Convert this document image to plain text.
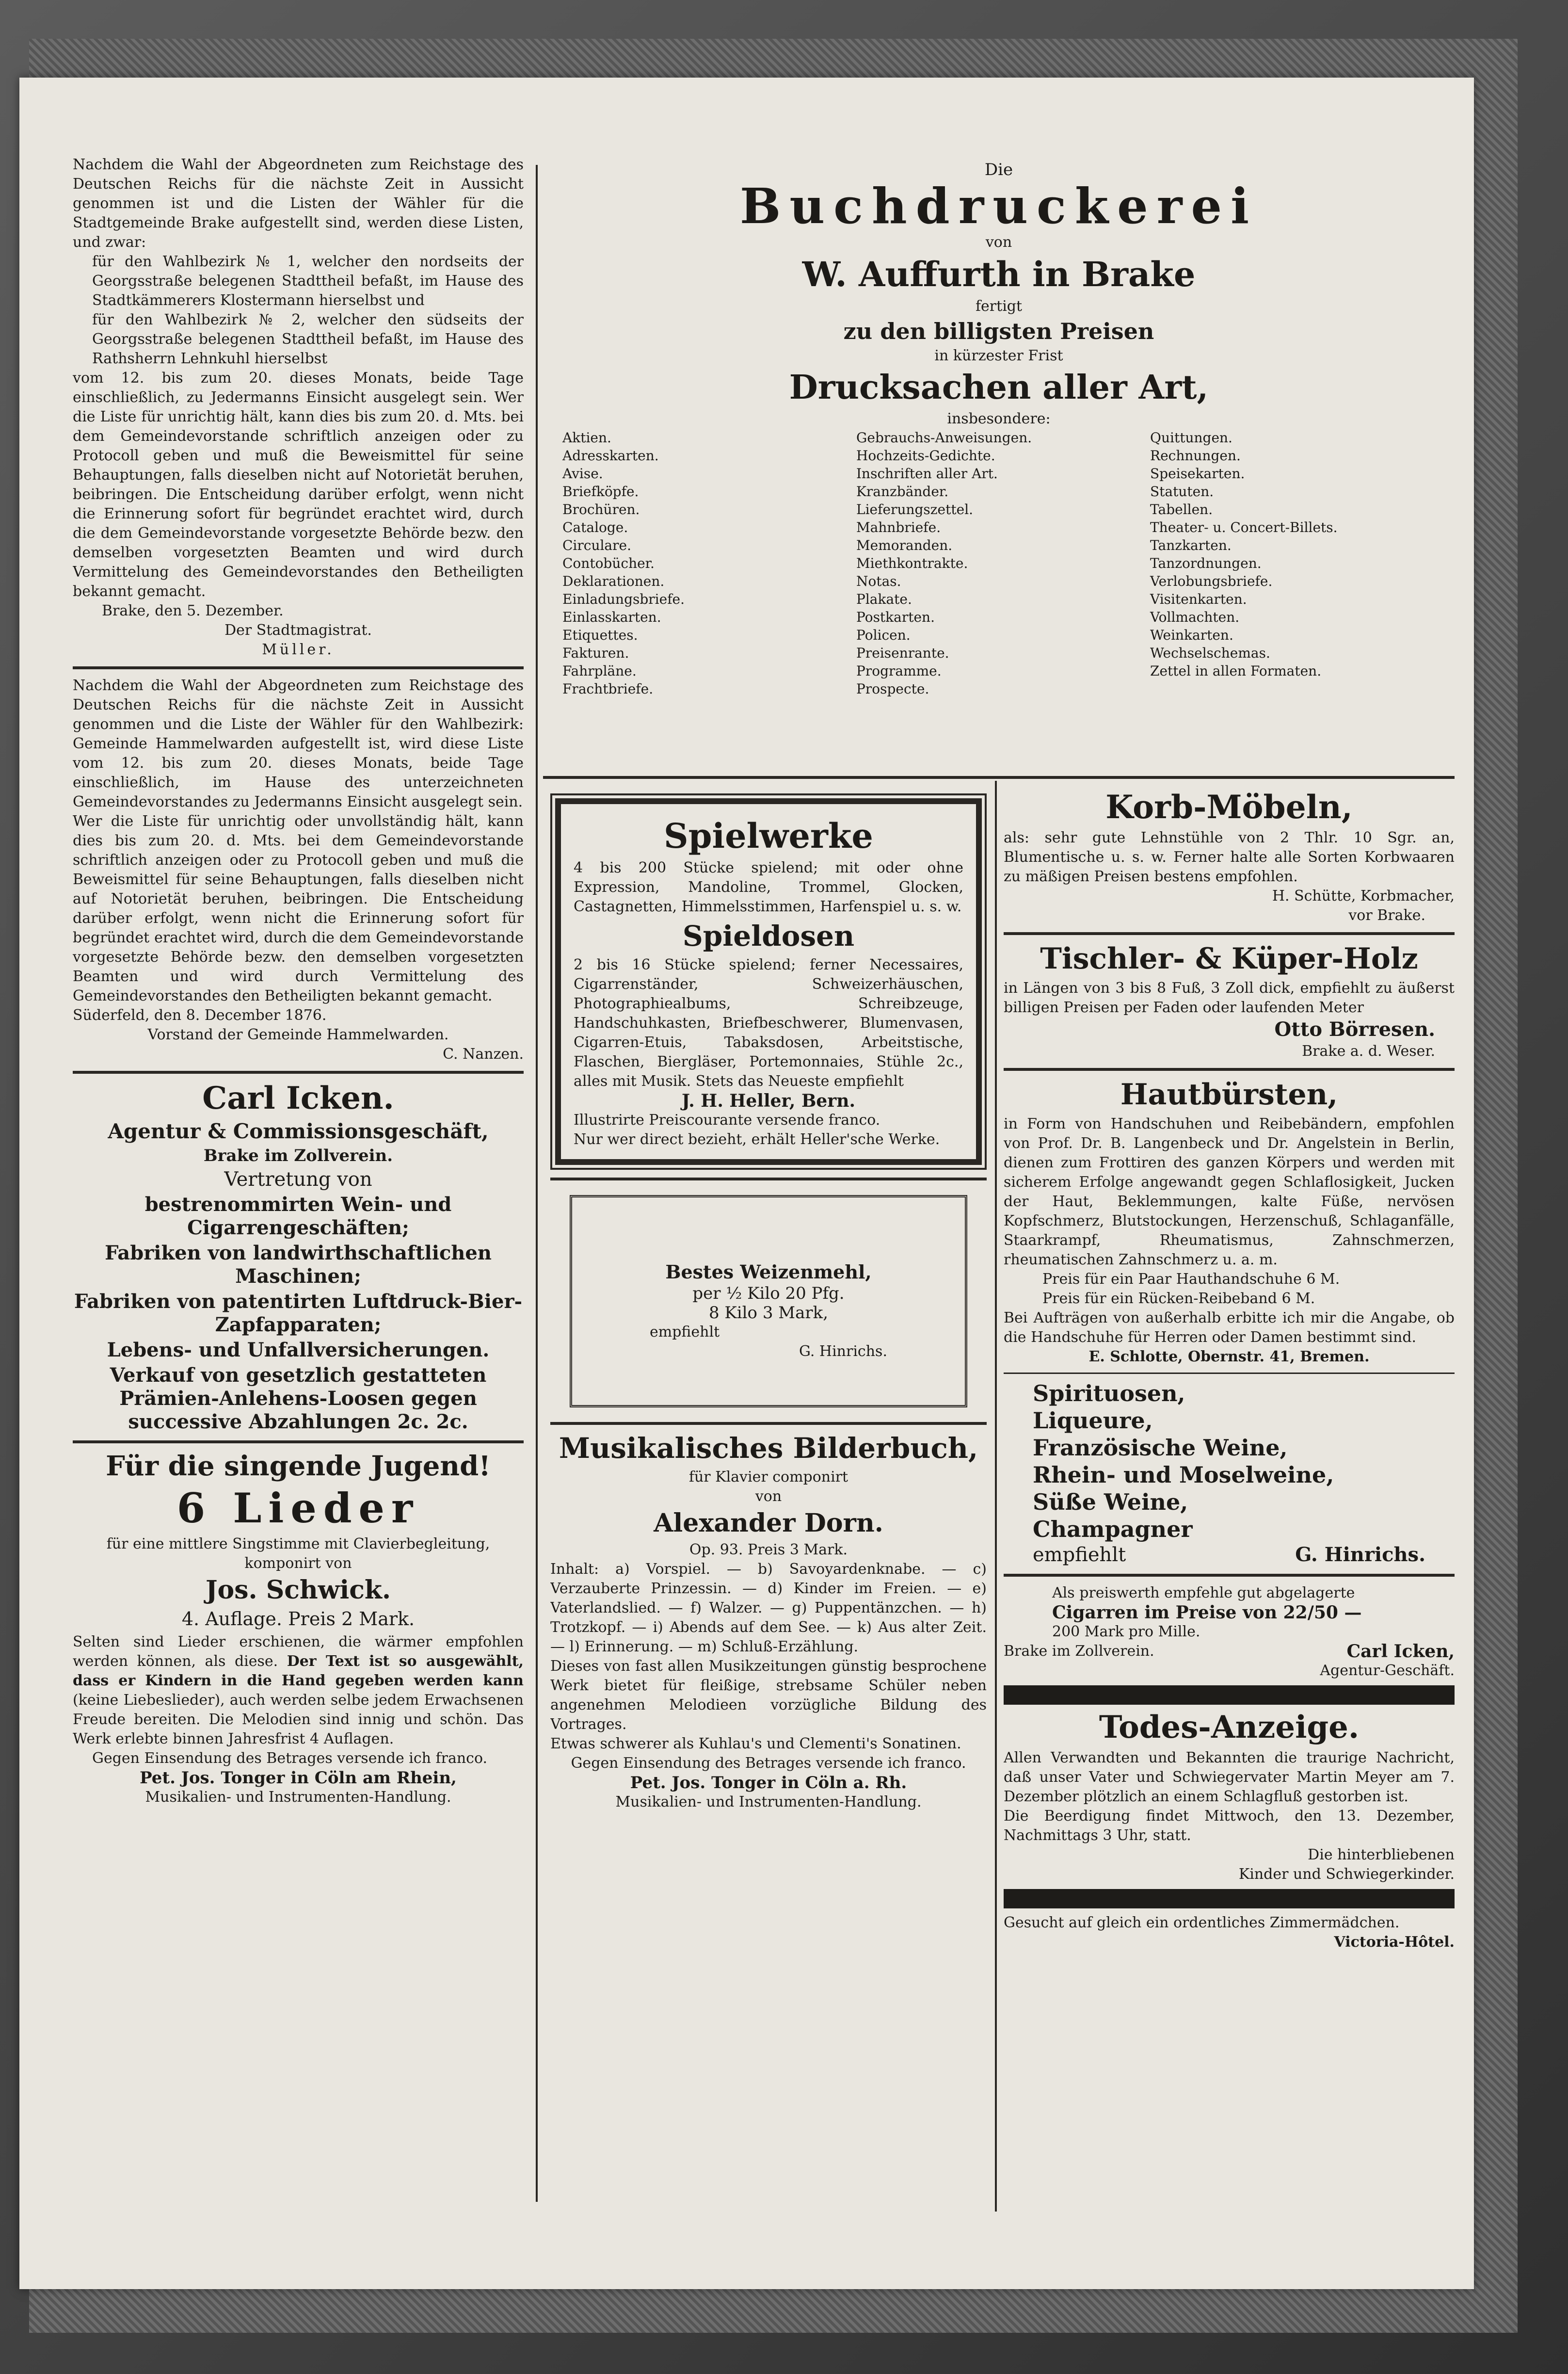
Nachdem die Wahl der Abgeordneten zum Reichstage des Deutschen Reichs für die nächste Zeit in Aussicht genommen ist und die Listen der Wähler für die Stadtgemeinde Brake aufgestellt sind, werden diese Listen, und zwar:

für den Wahlbezirk № 1, welcher den nordseits der Georgsstraße belegenen Stadttheil befaßt, im Hause des Stadtkämmerers Klostermann hierselbst und

für den Wahlbezirk № 2, welcher den südseits der Georgsstraße belegenen Stadttheil befaßt, im Hause des Rathsherrn Lehnkuhl hierselbst

vom 12. bis zum 20. dieses Monats, beide Tage einschließlich, zu Jedermanns Einsicht ausgelegt sein. Wer die Liste für unrichtig hält, kann dies bis zum 20. d. Mts. bei dem Gemeindevorstande schriftlich anzeigen oder zu Protocoll geben und muß die Beweismittel für seine Behauptungen, falls dieselben nicht auf Notorietät beruhen, beibringen. Die Entscheidung darüber erfolgt, wenn nicht die Erinnerung sofort für begründet erachtet wird, durch die dem Gemeindevorstande vorgesetzte Behörde bezw. den demselben vorgesetzten Beamten und wird durch Vermittelung des Gemeindevorstandes den Betheiligten bekannt gemacht.

Brake, den 5. Dezember.

Der Stadtmagistrat.

Müller.

Nachdem die Wahl der Abgeordneten zum Reichstage des Deutschen Reichs für die nächste Zeit in Aussicht genommen und die Liste der Wähler für den Wahlbezirk: Gemeinde Hammelwarden aufgestellt ist, wird diese Liste vom 12. bis zum 20. dieses Monats, beide Tage einschließlich, im Hause des unterzeichneten Gemeindevorstandes zu Jedermanns Einsicht ausgelegt sein.

Wer die Liste für unrichtig oder unvollständig hält, kann dies bis zum 20. d. Mts. bei dem Gemeindevorstande schriftlich anzeigen oder zu Protocoll geben und muß die Beweismittel für seine Behauptungen, falls dieselben nicht auf Notorietät beruhen, beibringen. Die Entscheidung darüber erfolgt, wenn nicht die Erinnerung sofort für begründet erachtet wird, durch die dem Gemeindevorstande vorgesetzte Behörde bezw. den demselben vorgesetzten Beamten und wird durch Vermittelung des Gemeindevorstandes den Betheiligten bekannt gemacht.

Süderfeld, den 8. December 1876.

Vorstand der Gemeinde Hammelwarden.

C. Nanzen.

Carl Icken.
Agentur & Commissionsgeschäft,
Brake im Zollverein.
Vertretung von
bestrenommirten Wein- und Cigarrengeschäften;
Fabriken von landwirthschaftlichen Maschinen;
Fabriken von patentirten Luftdruck-Bier-Zapfapparaten;
Lebens- und Unfallversicherungen.
Verkauf von gesetzlich gestatteten Prämien-Anlehens-Loosen gegen successive Abzahlungen 2c. 2c.
Für die singende Jugend!
6 Lieder

für eine mittlere Singstimme mit Clavierbegleitung, komponirt von

Jos. Schwick.
4. Auflage. Preis 2 Mark.

Selten sind Lieder erschienen, die wärmer empfohlen werden können, als diese. Der Text ist so ausgewählt, dass er Kindern in die Hand gegeben werden kann (keine Liebeslieder), auch werden selbe jedem Erwachsenen Freude bereiten. Die Melodien sind innig und schön. Das Werk erlebte binnen Jahresfrist 4 Auflagen.

Gegen Einsendung des Betrages versende ich franco.

Pet. Jos. Tonger in Cöln am Rhein,

Musikalien- und Instrumenten-Handlung.

Die

Buchdruckerei

von

W. Auffurth in Brake

fertigt

zu den billigsten Preisen

in kürzester Frist

Drucksachen aller Art,

insbesondere:

Aktien.

Adresskarten.

Avise.

Briefköpfe.

Brochüren.

Cataloge.

Circulare.

Contobücher.

Deklarationen.

Einladungsbriefe.

Einlasskarten.

Etiquettes.

Fakturen.

Fahrpläne.

Frachtbriefe.

Gebrauchs-Anweisungen.

Hochzeits-Gedichte.

Inschriften aller Art.

Kranzbänder.

Lieferungszettel.

Mahnbriefe.

Memoranden.

Miethkontrakte.

Notas.

Plakate.

Postkarten.

Policen.

Preisenrante.

Programme.

Prospecte.

Quittungen.

Rechnungen.

Speisekarten.

Statuten.

Tabellen.

Theater- u. Concert-Billets.

Tanzkarten.

Tanzordnungen.

Verlobungsbriefe.

Visitenkarten.

Vollmachten.

Weinkarten.

Wechselschemas.

Zettel in allen Formaten.

Spielwerke

4 bis 200 Stücke spielend; mit oder ohne Expression, Mandoline, Trommel, Glocken, Castagnetten, Himmelsstimmen, Harfenspiel u. s. w.

Spieldosen

2 bis 16 Stücke spielend; ferner Necessaires, Cigarrenständer, Schweizerhäuschen, Photographiealbums, Schreibzeuge, Handschuhkasten, Briefbeschwerer, Blumenvasen, Cigarren-Etuis, Tabaksdosen, Arbeitstische, Flaschen, Biergläser, Portemonnaies, Stühle 2c., alles mit Musik. Stets das Neueste empfiehlt

J. H. Heller, Bern.

Illustrirte Preiscourante versende franco.

Nur wer direct bezieht, erhält Heller'sche Werke.

Bestes Weizenmehl,

per ½ Kilo 20 Pfg.

8 Kilo 3 Mark,

empfiehlt

G. Hinrichs.

Musikalisches Bilderbuch,

für Klavier componirt

von

Alexander Dorn.

Op. 93. Preis 3 Mark.

Inhalt: a) Vorspiel. — b) Savoyardenknabe. — c) Verzauberte Prinzessin. — d) Kinder im Freien. — e) Vaterlandslied. — f) Walzer. — g) Puppentänzchen. — h) Trotzkopf. — i) Abends auf dem See. — k) Aus alter Zeit. — l) Erinnerung. — m) Schluß-Erzählung.

Dieses von fast allen Musikzeitungen günstig besprochene Werk bietet für fleißige, strebsame Schüler neben angenehmen Melodieen vorzügliche Bildung des Vortrages.

Etwas schwerer als Kuhlau's und Clementi's Sonatinen.

Gegen Einsendung des Betrages versende ich franco.

Pet. Jos. Tonger in Cöln a. Rh.

Musikalien- und Instrumenten-Handlung.

Korb-Möbeln,

als: sehr gute Lehnstühle von 2 Thlr. 10 Sgr. an, Blumentische u. s. w. Ferner halte alle Sorten Korbwaaren zu mäßigen Preisen bestens empfohlen.

H. Schütte, Korbmacher,

vor Brake.

Tischler- & Küper-Holz

in Längen von 3 bis 8 Fuß, 3 Zoll dick, empfiehlt zu äußerst billigen Preisen per Faden oder laufenden Meter

Otto Börresen.

Brake a. d. Weser.

Hautbürsten,

in Form von Handschuhen und Reibebändern, empfohlen von Prof. Dr. B. Langenbeck und Dr. Angelstein in Berlin, dienen zum Frottiren des ganzen Körpers und werden mit sicherem Erfolge angewandt gegen Schlaflosigkeit, Jucken der Haut, Beklemmungen, kalte Füße, nervösen Kopfschmerz, Blutstockungen, Herzenschuß, Schlaganfälle, Staarkrampf, Rheumatismus, Zahnschmerzen, rheumatischen Zahnschmerz u. a. m.

Preis für ein Paar Hauthandschuhe 6 M.

Preis für ein Rücken-Reibeband 6 M.

Bei Aufträgen von außerhalb erbitte ich mir die Angabe, ob die Handschuhe für Herren oder Damen bestimmt sind.

E. Schlotte, Obernstr. 41, Bremen.

Spirituosen,
Liqueure,
Französische Weine,
Rhein- und Moselweine,
Süße Weine,
Champagner
empfiehlt	G. Hinrichs.

Als preiswerth empfehle gut abgelagerte

Cigarren im Preise von 22/50 —

200 Mark pro Mille.

Brake im Zollverein.	Carl Icken,

Agentur-Geschäft.

Todes-Anzeige.

Allen Verwandten und Bekannten die traurige Nachricht, daß unser Vater und Schwiegervater Martin Meyer am 7. Dezember plötzlich an einem Schlagfluß gestorben ist.

Die Beerdigung findet Mittwoch, den 13. Dezember, Nachmittags 3 Uhr, statt.

Die hinterbliebenen

Kinder und Schwiegerkinder.

Gesucht auf gleich ein ordentliches Zimmermädchen.

Victoria-Hôtel.
